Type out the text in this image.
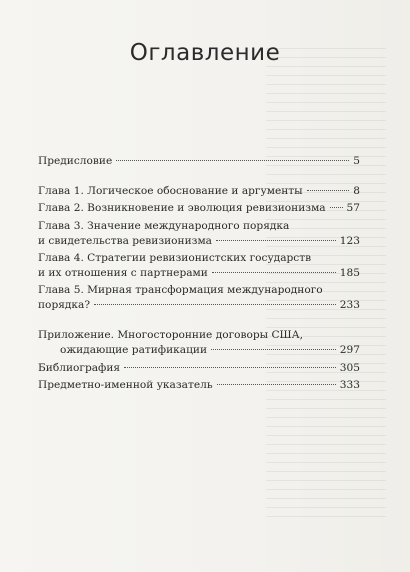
Оглавление
Предисловие	5
Глава 1. Логическое обоснование и аргументы	8
Глава 2. Возникновение и эволюция ревизионизма 57
Глава 3. Значение международного порядка
и свидетельства ревизионизма	123
Глава 4. Стратегии ревизионистских государств
и их отношения с партнерами	185
Глава 5. Мирная трансформация международного
порядка?	233
Приложение. Многосторонние договоры США,
ожидающие ратификации	297
Библиография	305
Предметно-именной указатель	333
